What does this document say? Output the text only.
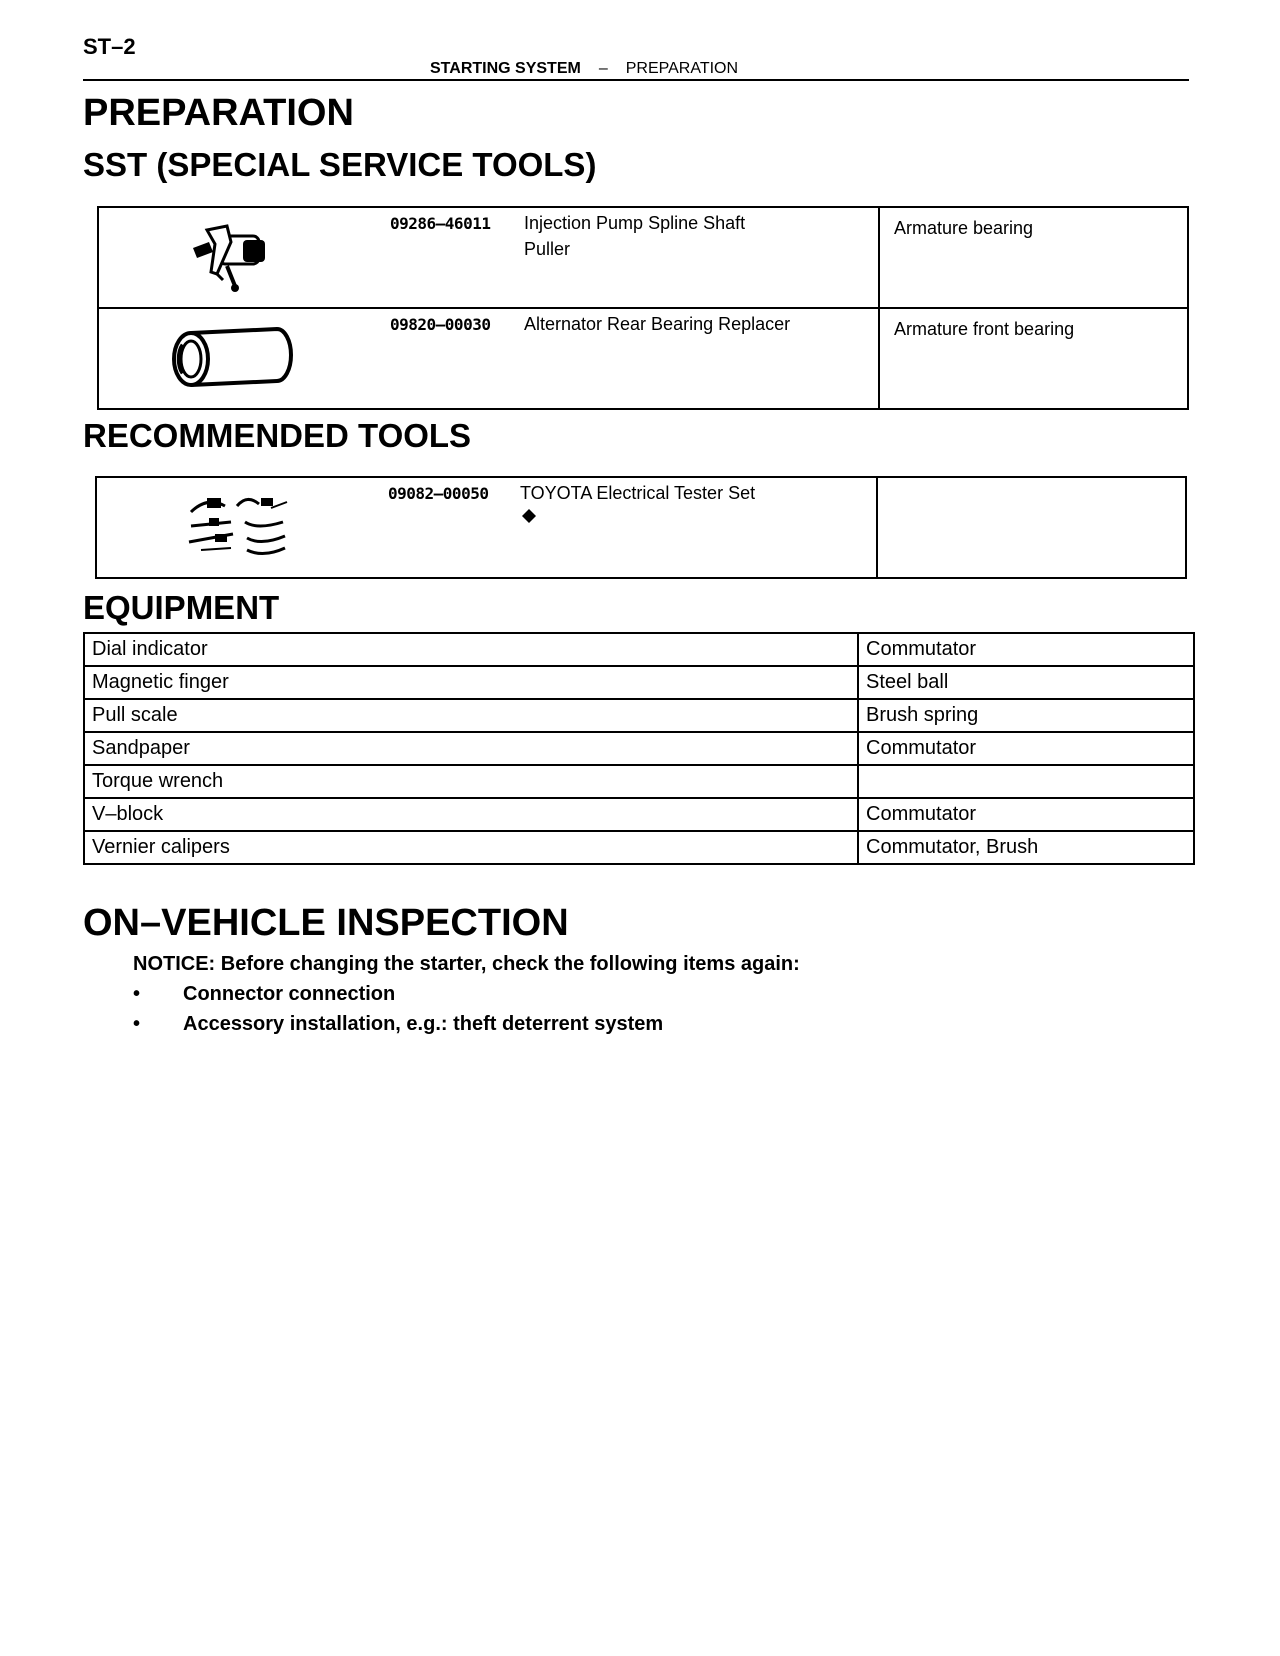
ST–2
STARTING SYSTEM – PREPARATION
PREPARATION
SST (SPECIAL SERVICE TOOLS)
09286–46011 Injection Pump Spline Shaft Puller	Armature bearing

09820–00030 Alternator Rear Bearing Replacer	Armature front bearing
RECOMMENDED TOOLS
09082–00050 TOYOTA Electrical Tester Set

EQUIPMENT
Dial indicator	Commutator
Magnetic finger	Steel ball
Pull scale	Brush spring
Sandpaper	Commutator
Torque wrench	
V–block	Commutator
Vernier calipers	Commutator, Brush
ON–VEHICLE INSPECTION
NOTICE: Before changing the starter, check the following items again:
•	Connector connection
•	Accessory installation, e.g.: theft deterrent system
